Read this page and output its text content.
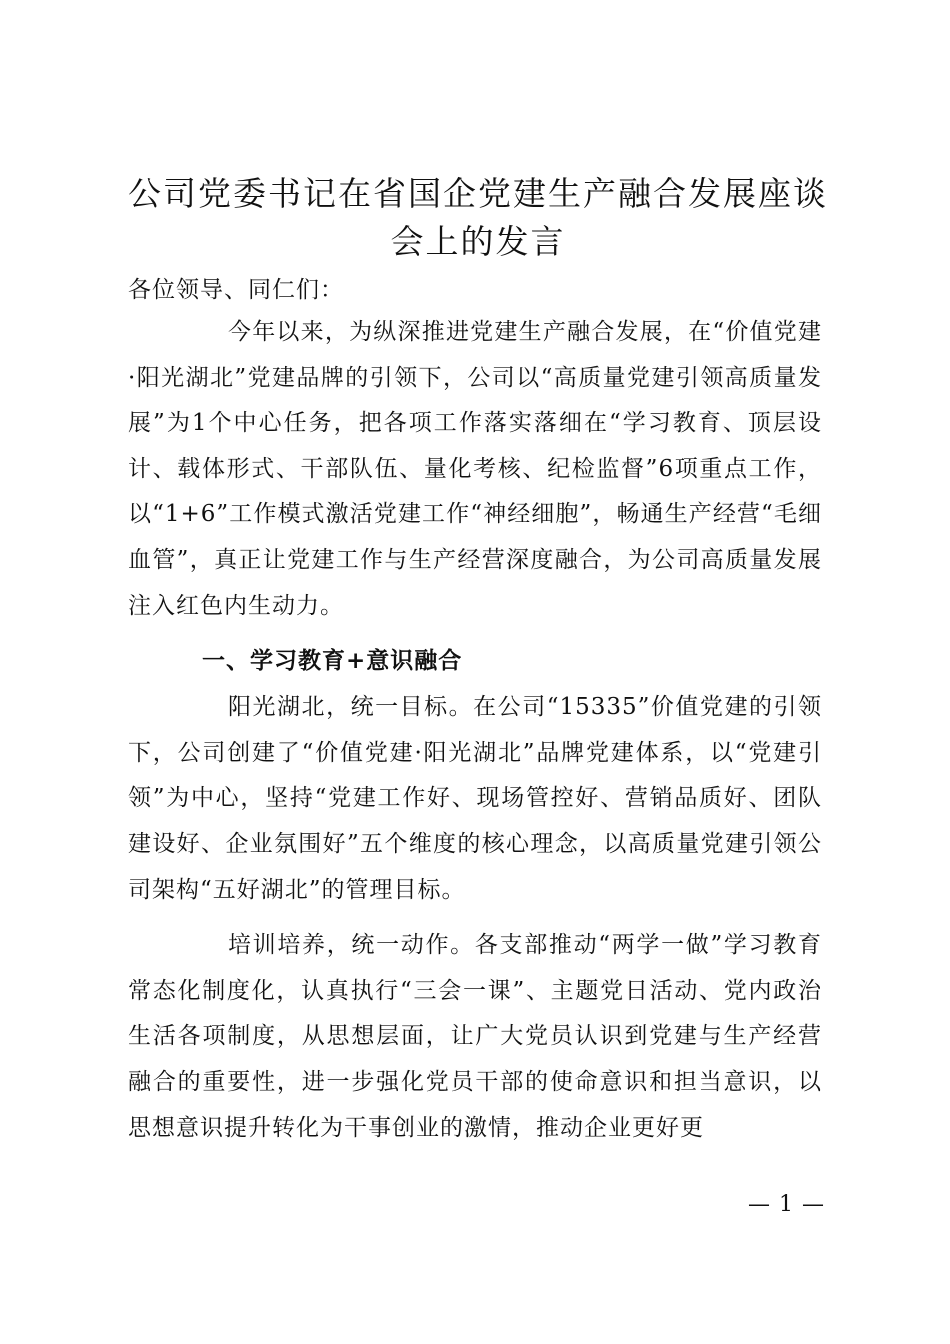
公司党委书记在省国企党建生产融合发展座谈会上的发言
各位领导、同仁们：

今年以来，为纵深推进党建生产融合发展，在“价值党建·阳光湖北”党建品牌的引领下，公司以“高质量党建引领高质量发展”为1个中心任务，把各项工作落实落细在“学习教育、顶层设计、载体形式、干部队伍、量化考核、纪检监督”6项重点工作，以“1+6”工作模式激活党建工作“神经细胞”，畅通生产经营“毛细血管”，真正让党建工作与生产经营深度融合，为公司高质量发展注入红色内生动力。

一、学习教育+意识融合

阳光湖北，统一目标。在公司“15335”价值党建的引领下，公司创建了“价值党建·阳光湖北”品牌党建体系，以“党建引领”为中心，坚持“党建工作好、现场管控好、营销品质好、团队建设好、企业氛围好”五个维度的核心理念，以高质量党建引领公司架构“五好湖北”的管理目标。

培训培养，统一动作。各支部推动“两学一做”学习教育常态化制度化，认真执行“三会一课”、主题党日活动、党内政治生活各项制度，从思想层面，让广大党员认识到党建与生产经营融合的重要性，进一步强化党员干部的使命意识和担当意识，以思想意识提升转化为干事创业的激情，推动企业更好更

— 1 —
